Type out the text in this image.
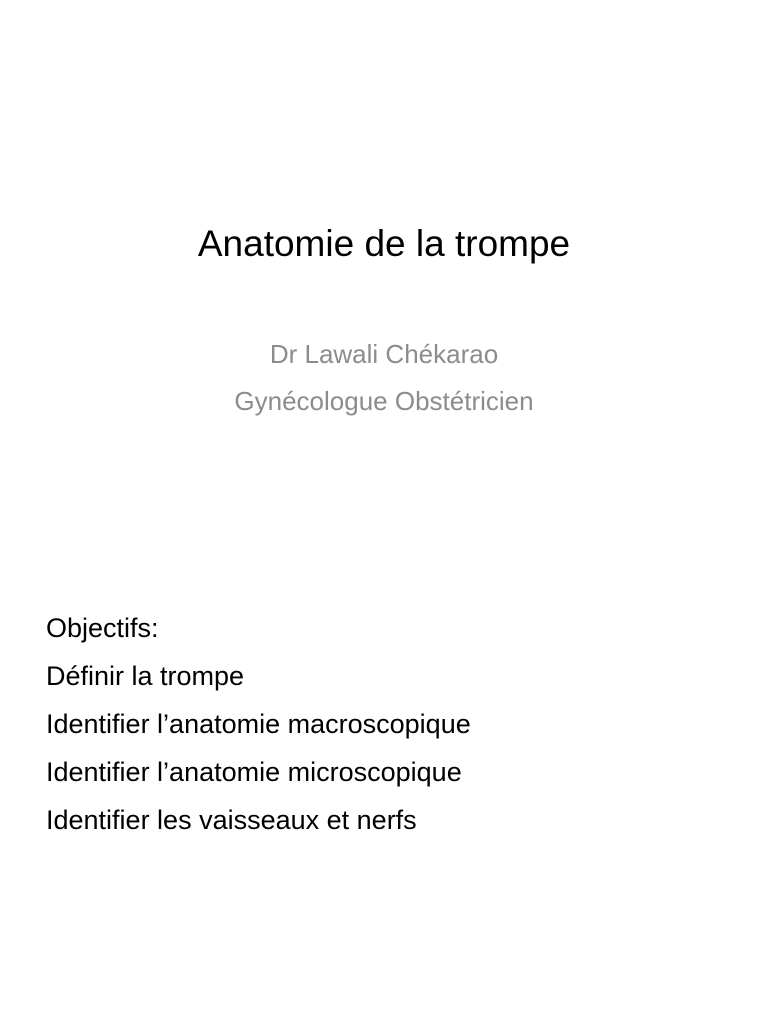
Anatomie de la trompe
Dr Lawali Chékarao
Gynécologue Obstétricien
Objectifs:
Définir la trompe
Identifier l’anatomie macroscopique
Identifier l’anatomie microscopique
Identifier les vaisseaux et nerfs
